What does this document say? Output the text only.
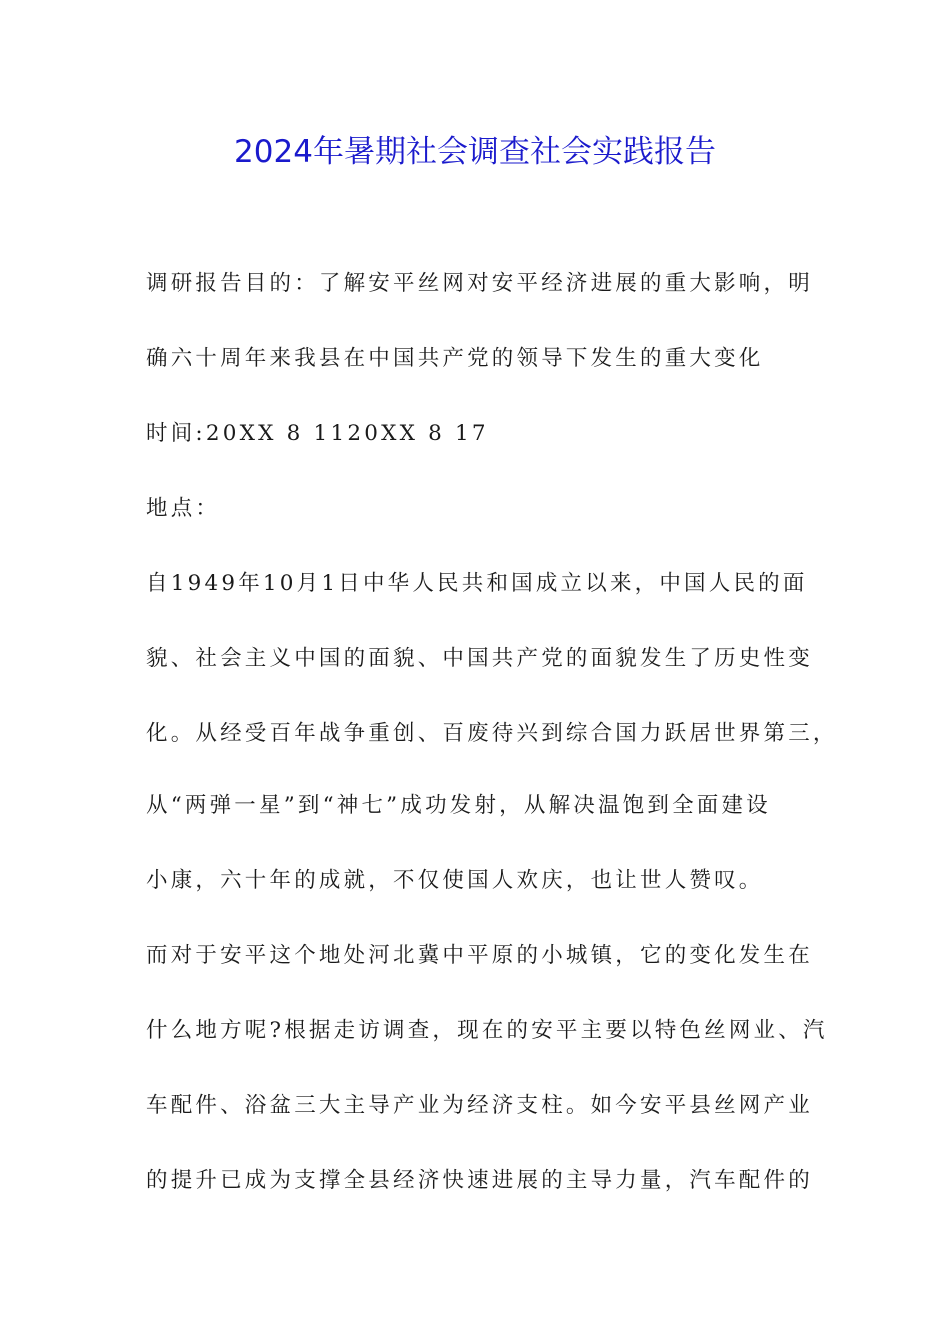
2024年暑期社会调查社会实践报告
调研报告目的：了解安平丝网对安平经济进展的重大影响，明
确六十周年来我县在中国共产党的领导下发生的重大变化
时间:20XX 8 1120XX 8 17
地点：
自1949年10月1日中华人民共和国成立以来，中国人民的面
貌、社会主义中国的面貌、中国共产党的面貌发生了历史性变
化。从经受百年战争重创、百废待兴到综合国力跃居世界第三，
从“两弹一星”到“神七”成功发射，从解决温饱到全面建设
小康，六十年的成就，不仅使国人欢庆，也让世人赞叹。
而对于安平这个地处河北冀中平原的小城镇，它的变化发生在
什么地方呢?根据走访调查，现在的安平主要以特色丝网业、汽
车配件、浴盆三大主导产业为经济支柱。如今安平县丝网产业
的提升已成为支撑全县经济快速进展的主导力量，汽车配件的
